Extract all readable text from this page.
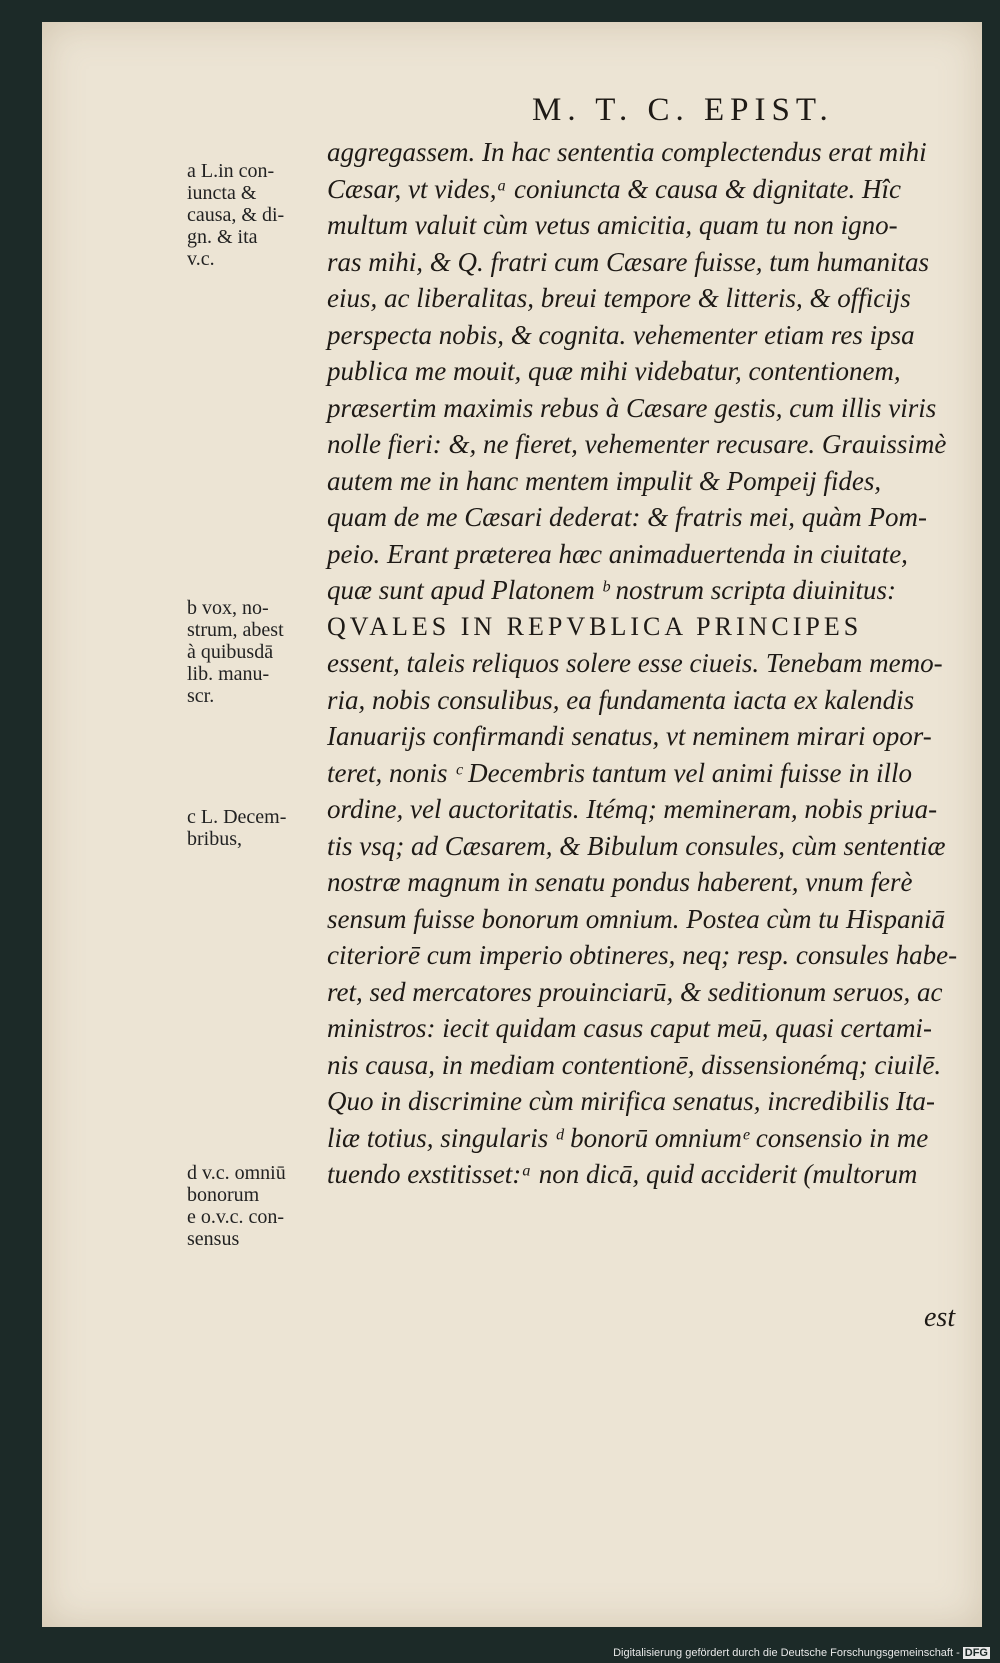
M. T. C. EPIST.
aggregassem. In hac sententia complectendus erat mihi
Cæsar, vt vides,ᵃ coniuncta & causa & dignitate. Hîc
multum valuit cùm vetus amicitia, quam tu non igno-
ras mihi, & Q. fratri cum Cæsare fuisse, tum humanitas
eius, ac liberalitas, breui tempore & litteris, & officijs
perspecta nobis, & cognita. vehementer etiam res ipsa
publica me mouit, quæ mihi videbatur, contentionem,
præsertim maximis rebus à Cæsare gestis, cum illis viris
nolle fieri: &, ne fieret, vehementer recusare. Grauissimè
autem me in hanc mentem impulit & Pompeij fides,
quam de me Cæsari dederat: & fratris mei, quàm Pom-
peio. Erant præterea hæc animaduertenda in ciuitate,
quæ sunt apud Platonem ᵇ nostrum scripta diuinitus:
QVALES IN REPVBLICA PRINCIPES
essent, taleis reliquos solere esse ciueis. Tenebam memo-
ria, nobis consulibus, ea fundamenta iacta ex kalendis
Ianuarijs confirmandi senatus, vt neminem mirari opor-
teret, nonis ᶜ Decembris tantum vel animi fuisse in illo
ordine, vel auctoritatis. Itémq; memineram, nobis priua-
tis vsq; ad Cæsarem, & Bibulum consules, cùm sententiæ
nostræ magnum in senatu pondus haberent, vnum ferè
sensum fuisse bonorum omnium. Postea cùm tu Hispaniā
citeriorē cum imperio obtineres, neq; resp. consules habe-
ret, sed mercatores prouinciarū, & seditionum seruos, ac
ministros: iecit quidam casus caput meū, quasi certami-
nis causa, in mediam contentionē, dissensionémq; ciuilē.
Quo in discrimine cùm mirifica senatus, incredibilis Ita-
liæ totius, singularis ᵈ bonorū omniumᵉ consensio in me
tuendo exstitisset:ᵃ non dicā, quid acciderit (multorum
a L.in con-
iuncta &
causa, & di-
gn. & ita
v.c.
b vox, no-
strum, abest
à quibusdā
lib. manu-
scr.
c L. Decem-
bribus,
d v.c. omniū
bonorum
e o.v.c. con-
sensus
est
Digitalisierung gefördert durch die Deutsche Forschungsgemeinschaft - DFG
